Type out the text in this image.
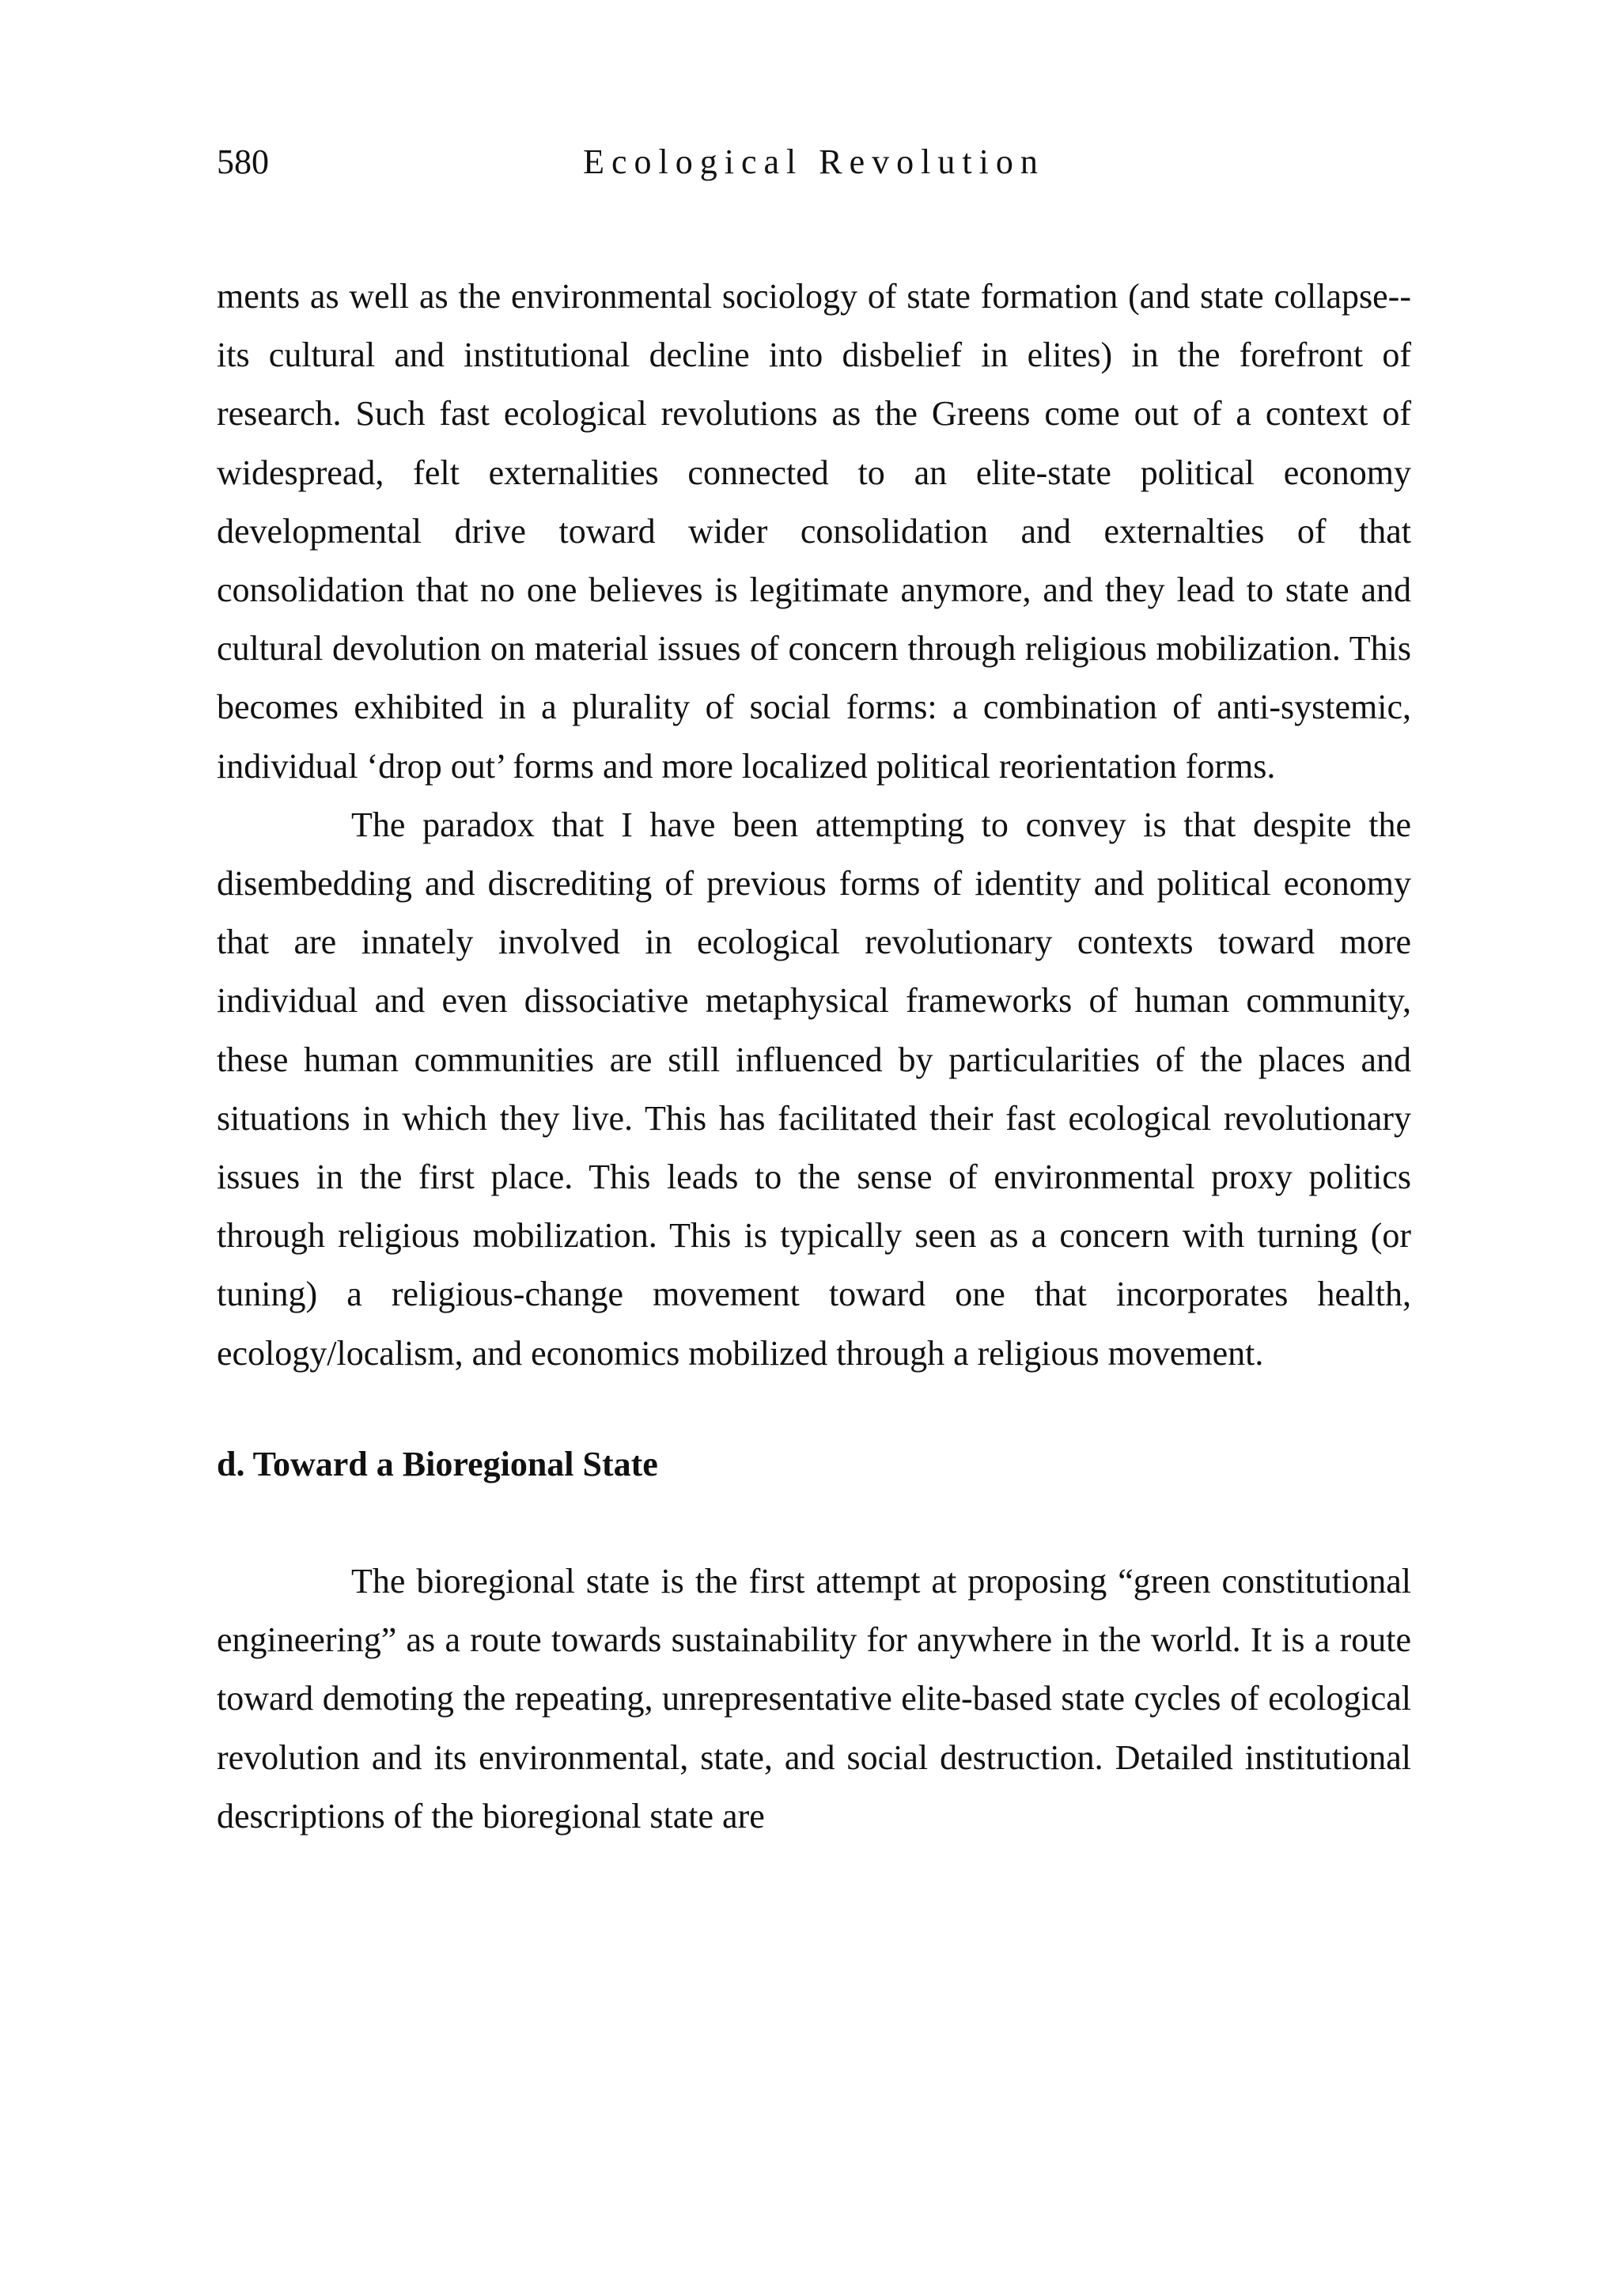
580	Ecological Revolution

ments as well as the environmental sociology of state formation (and state collapse--its cultural and institutional decline into disbelief in elites) in the forefront of research. Such fast ecological revolutions as the Greens come out of a context of widespread, felt externalities connected to an elite-state political economy developmental drive toward wider consolidation and externalties of that consolidation that no one believes is legitimate anymore, and they lead to state and cultural devolution on material issues of concern through religious mobilization. This becomes exhibited in a plurality of social forms: a combination of anti-systemic, individual ‘drop out’ forms and more localized political reorientation forms.

The paradox that I have been attempting to convey is that despite the disembedding and discrediting of previous forms of identity and political economy that are innately involved in ecological revolutionary contexts toward more individual and even dissociative metaphysical frameworks of human community, these human communities are still influenced by particularities of the places and situations in which they live. This has facilitated their fast ecological revolutionary issues in the first place. This leads to the sense of environmental proxy politics through religious mobilization. This is typically seen as a concern with turning (or tuning) a religious-change movement toward one that incorporates health, ecology/localism, and economics mobilized through a religious movement.

d. Toward a Bioregional State

The bioregional state is the first attempt at proposing “green constitutional engineering” as a route towards sustainability for anywhere in the world. It is a route toward demoting the repeating, unrepresentative elite-based state cycles of ecological revolution and its environmental, state, and social destruction. Detailed institutional descriptions of the bioregional state are
